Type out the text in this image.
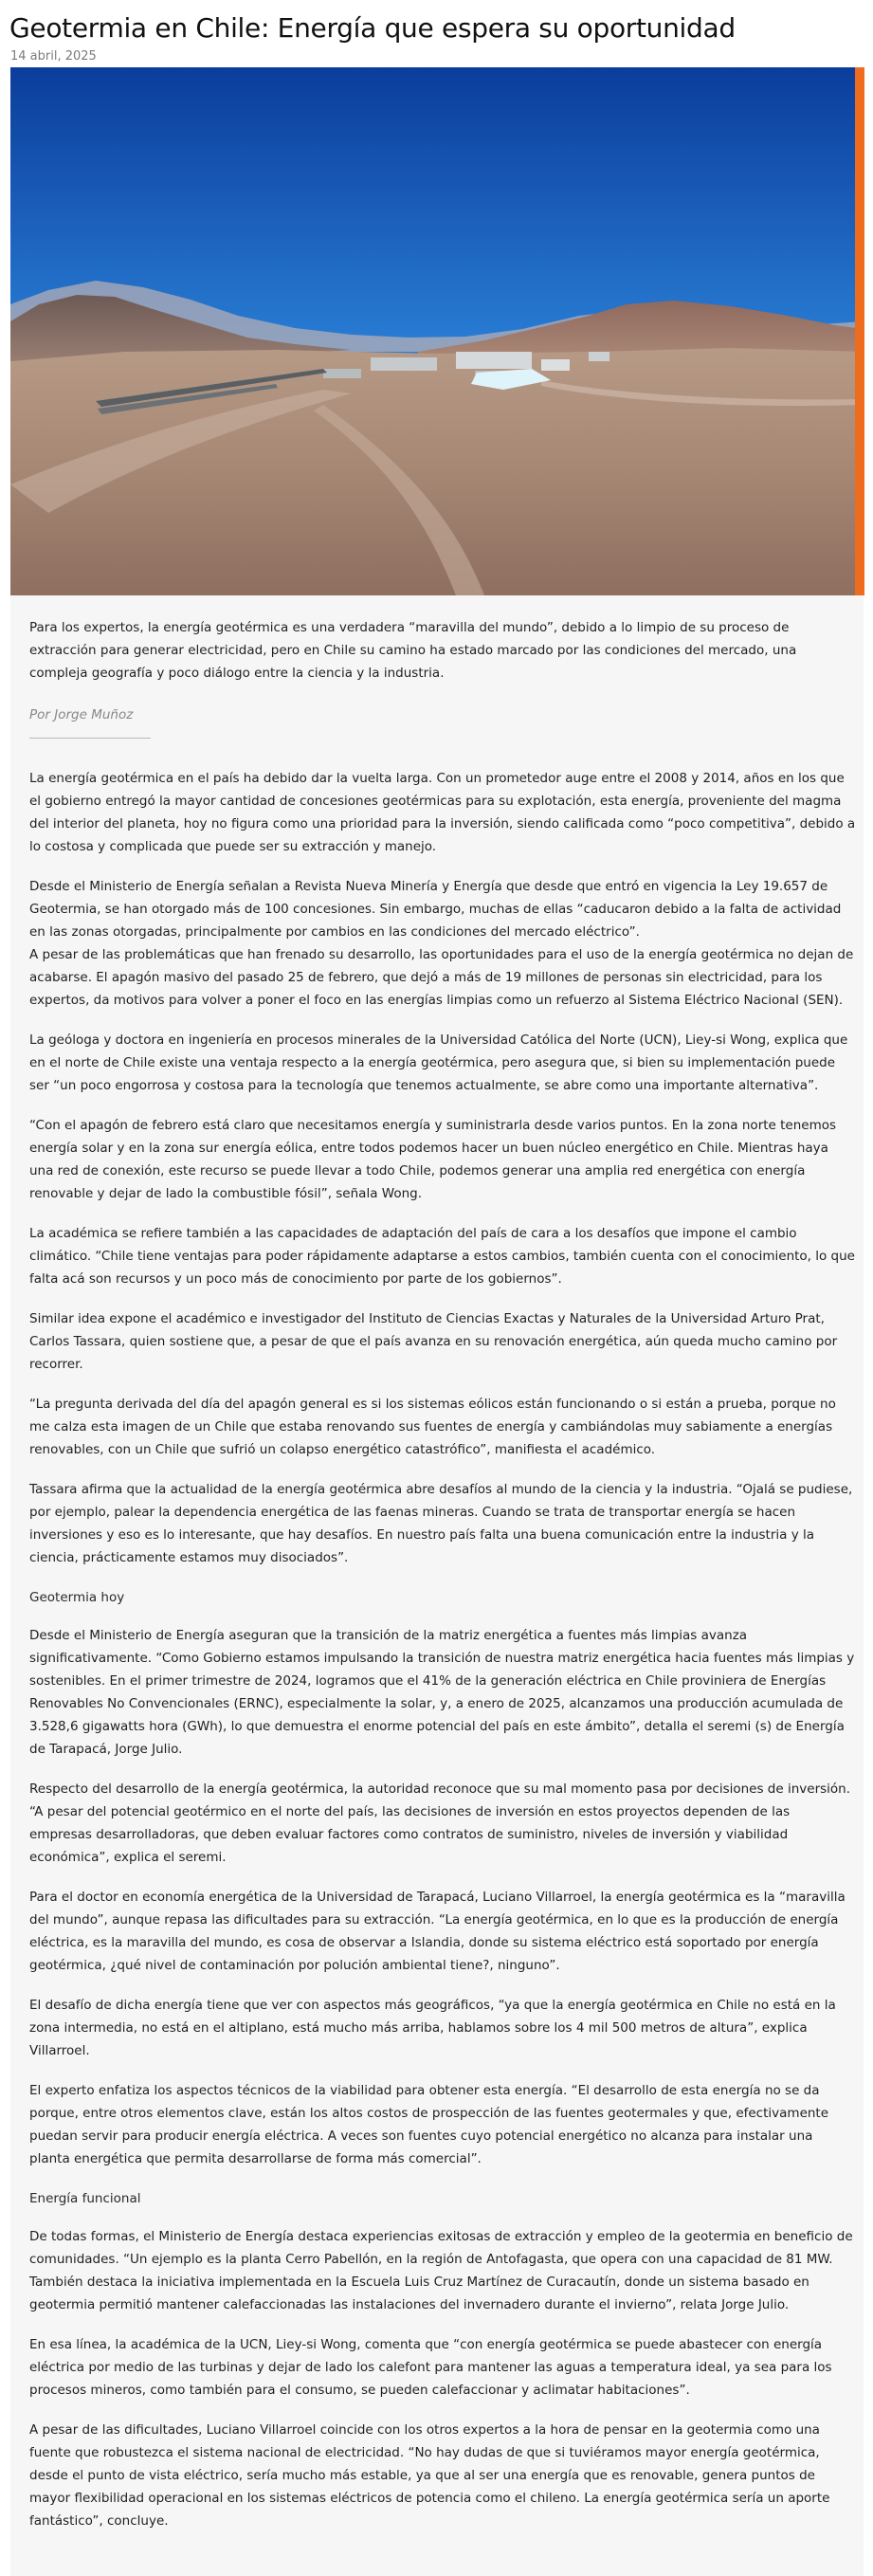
Geotermia en Chile: Energía que espera su oportunidad
14 abril, 2025

Para los expertos, la energía geotérmica es una verdadera “maravilla del mundo”, debido a lo limpio de su proceso de extracción para generar electricidad, pero en Chile su camino ha estado marcado por las condiciones del mercado, una compleja geografía y poco diálogo entre la ciencia y la industria.

Por Jorge Muñoz

La energía geotérmica en el país ha debido dar la vuelta larga. Con un prometedor auge entre el 2008 y 2014, años en los que el gobierno entregó la mayor cantidad de concesiones geotérmicas para su explotación, esta energía, proveniente del magma del interior del planeta, hoy no figura como una prioridad para la inversión, siendo calificada como “poco competitiva”, debido a lo costosa y complicada que puede ser su extracción y manejo.

Desde el Ministerio de Energía señalan a Revista Nueva Minería y Energía que desde que entró en vigencia la Ley 19.657 de Geotermia, se han otorgado más de 100 concesiones. Sin embargo, muchas de ellas “caducaron debido a la falta de actividad en las zonas otorgadas, principalmente por cambios en las condiciones del mercado eléctrico”.

A pesar de las problemáticas que han frenado su desarrollo, las oportunidades para el uso de la energía geotérmica no dejan de acabarse. El apagón masivo del pasado 25 de febrero, que dejó a más de 19 millones de personas sin electricidad, para los expertos, da motivos para volver a poner el foco en las energías limpias como un refuerzo al Sistema Eléctrico Nacional (SEN).

La geóloga y doctora en ingeniería en procesos minerales de la Universidad Católica del Norte (UCN), Liey-si Wong, explica que en el norte de Chile existe una ventaja respecto a la energía geotérmica, pero asegura que, si bien su implementación puede ser “un poco engorrosa y costosa para la tecnología que tenemos actualmente, se abre como una importante alternativa”.

“Con el apagón de febrero está claro que necesitamos energía y suministrarla desde varios puntos. En la zona norte tenemos energía solar y en la zona sur energía eólica, entre todos podemos hacer un buen núcleo energético en Chile. Mientras haya una red de conexión, este recurso se puede llevar a todo Chile, podemos generar una amplia red energética con energía renovable y dejar de lado la combustible fósil”, señala Wong.

La académica se refiere también a las capacidades de adaptación del país de cara a los desafíos que impone el cambio climático. “Chile tiene ventajas para poder rápidamente adaptarse a estos cambios, también cuenta con el conocimiento, lo que falta acá son recursos y un poco más de conocimiento por parte de los gobiernos”.

Similar idea expone el académico e investigador del Instituto de Ciencias Exactas y Naturales de la Universidad Arturo Prat, Carlos Tassara, quien sostiene que, a pesar de que el país avanza en su renovación energética, aún queda mucho camino por recorrer.

“La pregunta derivada del día del apagón general es si los sistemas eólicos están funcionando o si están a prueba, porque no me calza esta imagen de un Chile que estaba renovando sus fuentes de energía y cambiándolas muy sabiamente a energías renovables, con un Chile que sufrió un colapso energético catastrófico”, manifiesta el académico.

Tassara afirma que la actualidad de la energía geotérmica abre desafíos al mundo de la ciencia y la industria. “Ojalá se pudiese, por ejemplo, palear la dependencia energética de las faenas mineras. Cuando se trata de transportar energía se hacen inversiones y eso es lo interesante, que hay desafíos. En nuestro país falta una buena comunicación entre la industria y la ciencia, prácticamente estamos muy disociados”.

Geotermia hoy

Desde el Ministerio de Energía aseguran que la transición de la matriz energética a fuentes más limpias avanza significativamente. “Como Gobierno estamos impulsando la transición de nuestra matriz energética hacia fuentes más limpias y sostenibles. En el primer trimestre de 2024, logramos que el 41% de la generación eléctrica en Chile proviniera de Energías Renovables No Convencionales (ERNC), especialmente la solar, y, a enero de 2025, alcanzamos una producción acumulada de 3.528,6 gigawatts hora (GWh), lo que demuestra el enorme potencial del país en este ámbito”, detalla el seremi (s) de Energía de Tarapacá, Jorge Julio.

Respecto del desarrollo de la energía geotérmica, la autoridad reconoce que su mal momento pasa por decisiones de inversión. “A pesar del potencial geotérmico en el norte del país, las decisiones de inversión en estos proyectos dependen de las empresas desarrolladoras, que deben evaluar factores como contratos de suministro, niveles de inversión y viabilidad económica”, explica el seremi.

Para el doctor en economía energética de la Universidad de Tarapacá, Luciano Villarroel, la energía geotérmica es la “maravilla del mundo”, aunque repasa las dificultades para su extracción. “La energía geotérmica, en lo que es la producción de energía eléctrica, es la maravilla del mundo, es cosa de observar a Islandia, donde su sistema eléctrico está soportado por energía geotérmica, ¿qué nivel de contaminación por polución ambiental tiene?, ninguno”.

El desafío de dicha energía tiene que ver con aspectos más geográficos, “ya que la energía geotérmica en Chile no está en la zona intermedia, no está en el altiplano, está mucho más arriba, hablamos sobre los 4 mil 500 metros de altura”, explica Villarroel.

El experto enfatiza los aspectos técnicos de la viabilidad para obtener esta energía. “El desarrollo de esta energía no se da porque, entre otros elementos clave, están los altos costos de prospección de las fuentes geotermales y que, efectivamente puedan servir para producir energía eléctrica. A veces son fuentes cuyo potencial energético no alcanza para instalar una planta energética que permita desarrollarse de forma más comercial”.

Energía funcional

De todas formas, el Ministerio de Energía destaca experiencias exitosas de extracción y empleo de la geotermia en beneficio de comunidades. “Un ejemplo es la planta Cerro Pabellón, en la región de Antofagasta, que opera con una capacidad de 81 MW. También destaca la iniciativa implementada en la Escuela Luis Cruz Martínez de Curacautín, donde un sistema basado en geotermia permitió mantener calefaccionadas las instalaciones del invernadero durante el invierno”, relata Jorge Julio.

En esa línea, la académica de la UCN, Liey-si Wong, comenta que “con energía geotérmica se puede abastecer con energía eléctrica por medio de las turbinas y dejar de lado los calefont para mantener las aguas a temperatura ideal, ya sea para los procesos mineros, como también para el consumo, se pueden calefaccionar y aclimatar habitaciones”.

A pesar de las dificultades, Luciano Villarroel coincide con los otros expertos a la hora de pensar en la geotermia como una fuente que robustezca el sistema nacional de electricidad. “No hay dudas de que si tuviéramos mayor energía geotérmica, desde el punto de vista eléctrico, sería mucho más estable, ya que al ser una energía que es renovable, genera puntos de mayor flexibilidad operacional en los sistemas eléctricos de potencia como el chileno. La energía geotérmica sería un aporte fantástico”, concluye.
